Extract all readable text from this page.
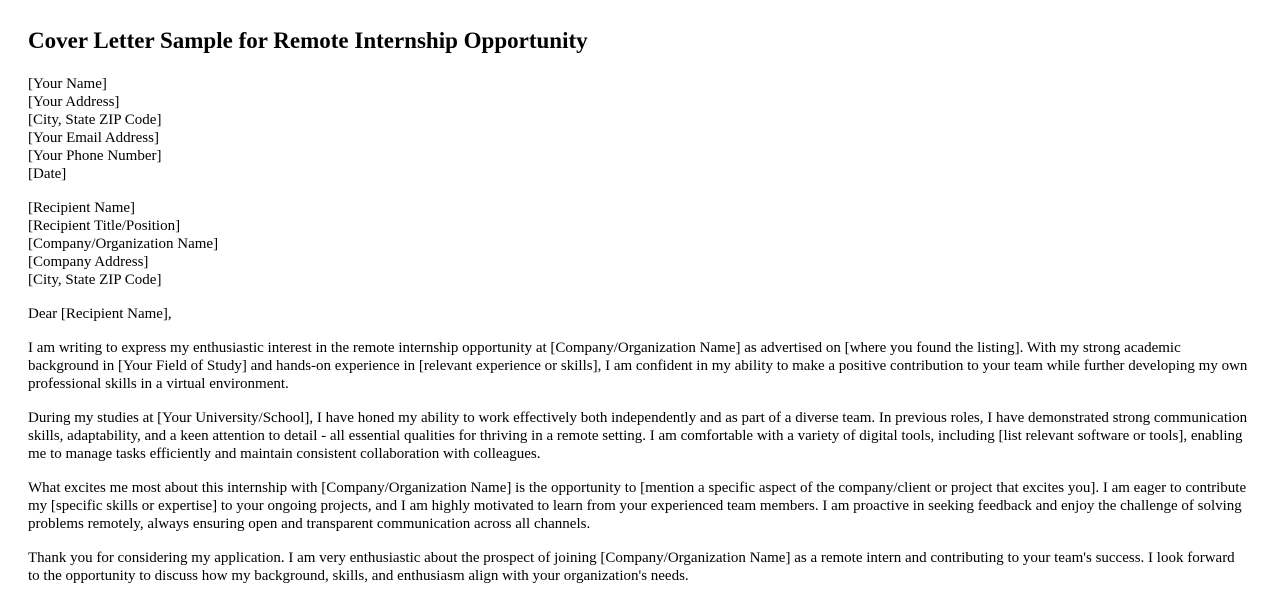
Cover Letter Sample for Remote Internship Opportunity
[Your Name]
[Your Address]
[City, State ZIP Code]
[Your Email Address]
[Your Phone Number]
[Date]
[Recipient Name]
[Recipient Title/Position]
[Company/Organization Name]
[Company Address]
[City, State ZIP Code]

Dear [Recipient Name],

I am writing to express my enthusiastic interest in the remote internship opportunity at [Company/Organization Name] as advertised on [where you found the listing]. With my strong academic background in [Your Field of Study] and hands-on experience in [relevant experience or skills], I am confident in my ability to make a positive contribution to your team while further developing my own professional skills in a virtual environment.

During my studies at [Your University/School], I have honed my ability to work effectively both independently and as part of a diverse team. In previous roles, I have demonstrated strong communication skills, adaptability, and a keen attention to detail - all essential qualities for thriving in a remote setting. I am comfortable with a variety of digital tools, including [list relevant software or tools], enabling me to manage tasks efficiently and maintain consistent collaboration with colleagues.

What excites me most about this internship with [Company/Organization Name] is the opportunity to [mention a specific aspect of the company/client or project that excites you]. I am eager to contribute my [specific skills or expertise] to your ongoing projects, and I am highly motivated to learn from your experienced team members. I am proactive in seeking feedback and enjoy the challenge of solving problems remotely, always ensuring open and transparent communication across all channels.

Thank you for considering my application. I am very enthusiastic about the prospect of joining [Company/Organization Name] as a remote intern and contributing to your team's success. I look forward to the opportunity to discuss how my background, skills, and enthusiasm align with your organization's needs.
